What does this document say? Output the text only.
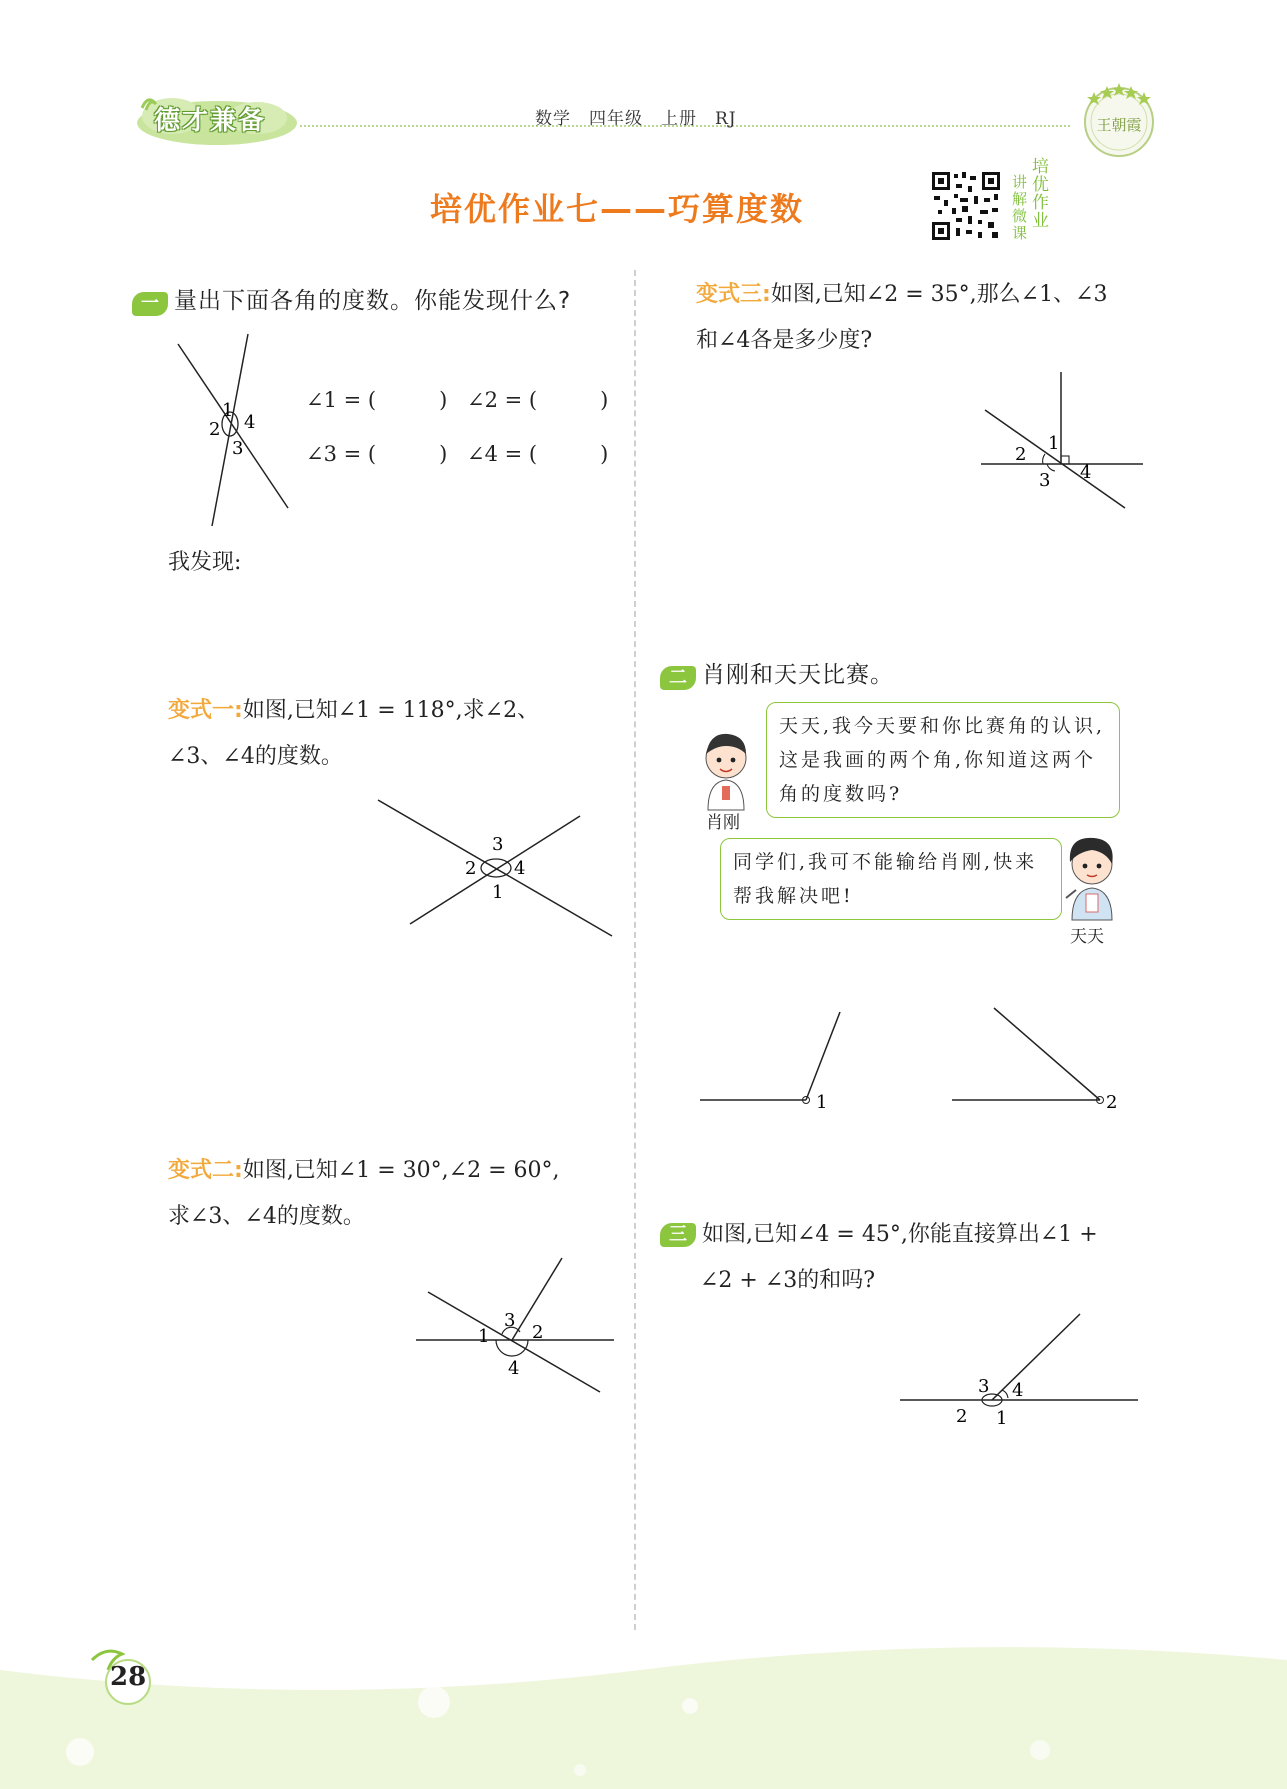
德才兼备	数学　四年级　上册　RJ	王朝霞
培优作业七——巧算度数
培优作业
讲解微课
一 量出下面各角的度数。你能发现什么?
1
2
3
4
∠1 = (　　　) ∠2 = (　　　)
∠3 = (　　　) ∠4 = (　　　)
我发现:
变式一:如图,已知∠1 = 118°,求∠2、
∠3、∠4的度数。
3
2 4
1
变式二:如图,已知∠1 = 30°,∠2 = 60°,
求∠3、∠4的度数。
1 2
3
4
变式三:如图,已知∠2 = 35°,那么∠1、∠3
和∠4各是多少度?
1
2
3 4
二 肖刚和天天比赛。
肖刚
天天,我今天要和你比赛角的认识,这是我画的两个角,你知道这两个角的度数吗?
同学们,我可不能输给肖刚,快来帮我解决吧!
天天
1	2
三 如图,已知∠4 = 45°,你能直接算出∠1 +
∠2 + ∠3的和吗?
1
2
3 4
28
